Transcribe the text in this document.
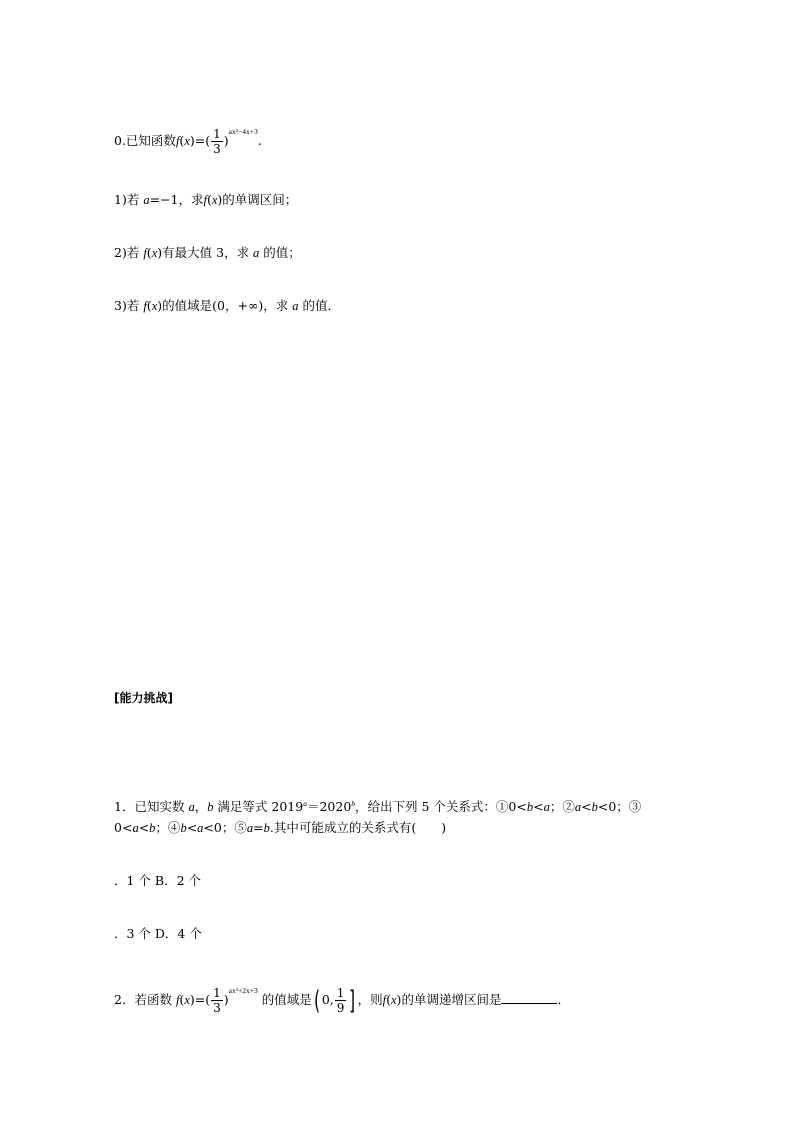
0.已知函数$f(x)=( \frac{1}{3} )ax^2-4x+3$.
1)若 a=−1，求f(x)的单调区间；
2)若 f(x)有最大值 3，求 a 的值；
3)若 f(x)的值域是(0，+∞)，求 a 的值．
[能力挑战]
1．已知实数 a，b 满足等式 $2019^a=2020^b$，给出下列 5 个关系式：①0<b<a；②a<b<0；③
0<a<b；④b<a<0；⑤a=b.其中可能成立的关系式有(　　)
．1 个 B．2 个
．3 个 D．4 个
2．若函数 $f(x)=( \frac{1}{3} )ax^2+2x+3$ 的值域是( 0, $\frac{1}{9}$ ] ，则f(x)的单调递增区间是	．
